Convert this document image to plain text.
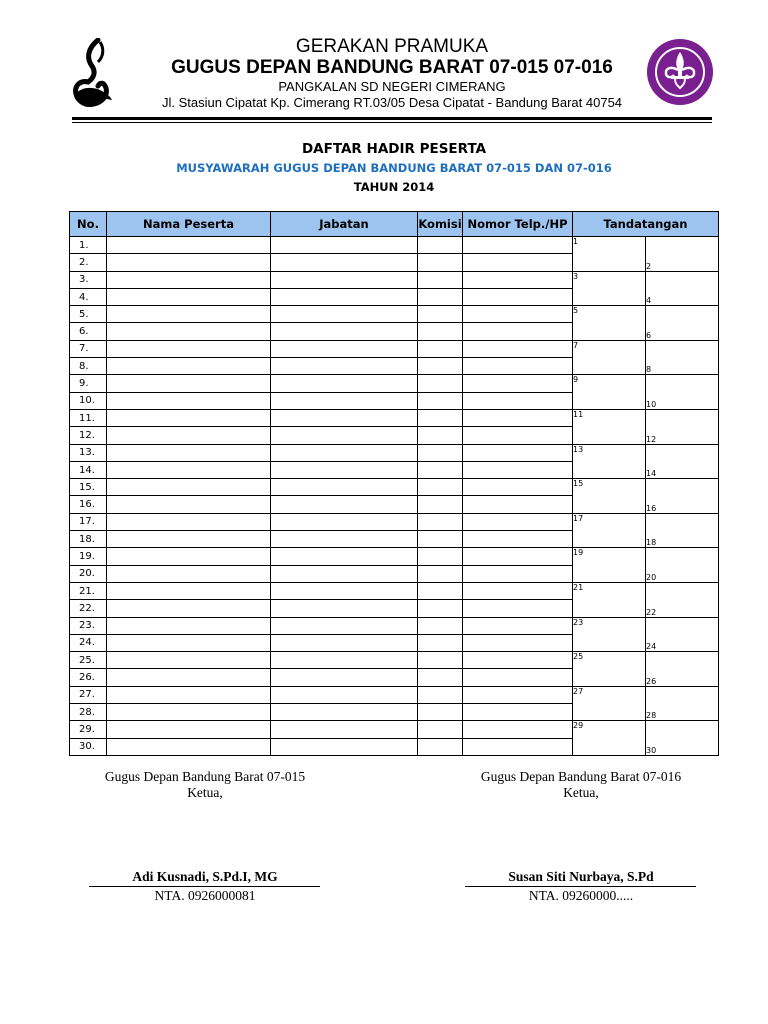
GERAKAN PRAMUKA
GUGUS DEPAN BANDUNG BARAT 07-015 07-016
PANGKALAN SD NEGERI CIMERANG
Jl. Stasiun Cipatat Kp. Cimerang RT.03/05 Desa Cipatat - Bandung Barat 40754
DAFTAR HADIR PESERTA
MUSYAWARAH GUGUS DEPAN BANDUNG BARAT 07-015 DAN 07-016
TAHUN 2014
No.	Nama Peserta	Jabatan	Komisi	Nomor Telp./HP	Tandatangan	
1.					1	2
2.						
3.					3	4
4.						
5.					5	6
6.						
7.					7	8
8.						
9.					9	10
10.						
11.					11	12
12.						
13.					13	14
14.						
15.					15	16
16.						
17.					17	18
18.						
19.					19	20
20.						
21.					21	22
22.						
23.					23	24
24.						
25.					25	26
26.						
27.					27	28
28.						
29.					29	30
30.						
Gugus Depan Bandung Barat 07-015
Ketua,
Adi Kusnadi, S.Pd.I, MG
NTA. 0926000081
Gugus Depan Bandung Barat 07-016
Ketua,
Susan Siti Nurbaya, S.Pd
NTA. 09260000.....
